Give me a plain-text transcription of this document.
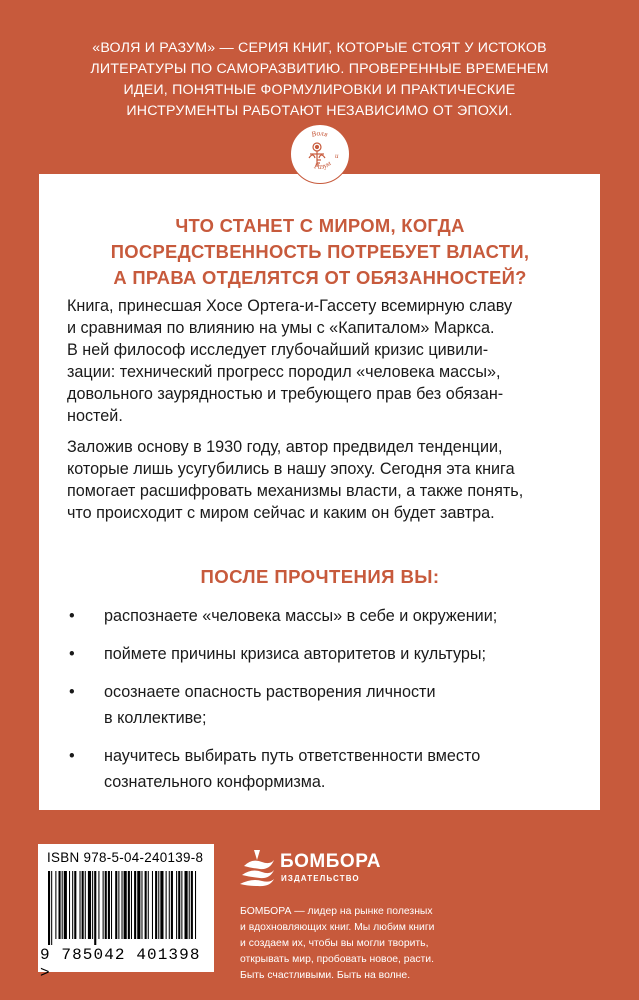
«ВОЛЯ И РАЗУМ» — СЕРИЯ КНИГ, КОТОРЫЕ СТОЯТ У ИСТОКОВ
ЛИТЕРАТУРЫ ПО САМОРАЗВИТИЮ. ПРОВЕРЕННЫЕ ВРЕМЕНЕМ
ИДЕИ, ПОНЯТНЫЕ ФОРМУЛИРОВКИ И ПРАКТИЧЕСКИЕ
ИНСТРУМЕНТЫ РАБОТАЮТ НЕЗАВИСИМО ОТ ЭПОХИ.
Воля
Разум
и
ЧТО СТАНЕТ С МИРОМ, КОГДА
ПОСРЕДСТВЕННОСТЬ ПОТРЕБУЕТ ВЛАСТИ,
А ПРАВА ОТДЕЛЯТСЯ ОТ ОБЯЗАННОСТЕЙ?

Книга, принесшая Хосе Ортега-и-Гассету всемирную славу
и сравнимая по влиянию на умы с «Капиталом» Маркса.
В ней философ исследует глубочайший кризис цивили-
зации: технический прогресс породил «человека массы»,
довольного заурядностью и требующего прав без обязан-
ностей.

Заложив основу в 1930 году, автор предвидел тенденции,
которые лишь усугубились в нашу эпоху. Сегодня эта книга
помогает расшифровать механизмы власти, а также понять,
что происходит с миром сейчас и каким он будет завтра.

ПОСЛЕ ПРОЧТЕНИЯ ВЫ:
• распознаете «человека массы» в себе и окружении;
• поймете причины кризиса авторитетов и культуры;
• осознаете опасность растворения личности
в коллективе;
• научитесь выбирать путь ответственности вместо
сознательного конформизма.
ISBN 978-5-04-240139-8
9 785042 401398 >
БОМБОРА
ИЗДАТЕЛЬСТВО
БОМБОРА — лидер на рынке полезных
и вдохновляющих книг. Мы любим книги
и создаем их, чтобы вы могли творить,
открывать мир, пробовать новое, расти.
Быть счастливыми. Быть на волне.
